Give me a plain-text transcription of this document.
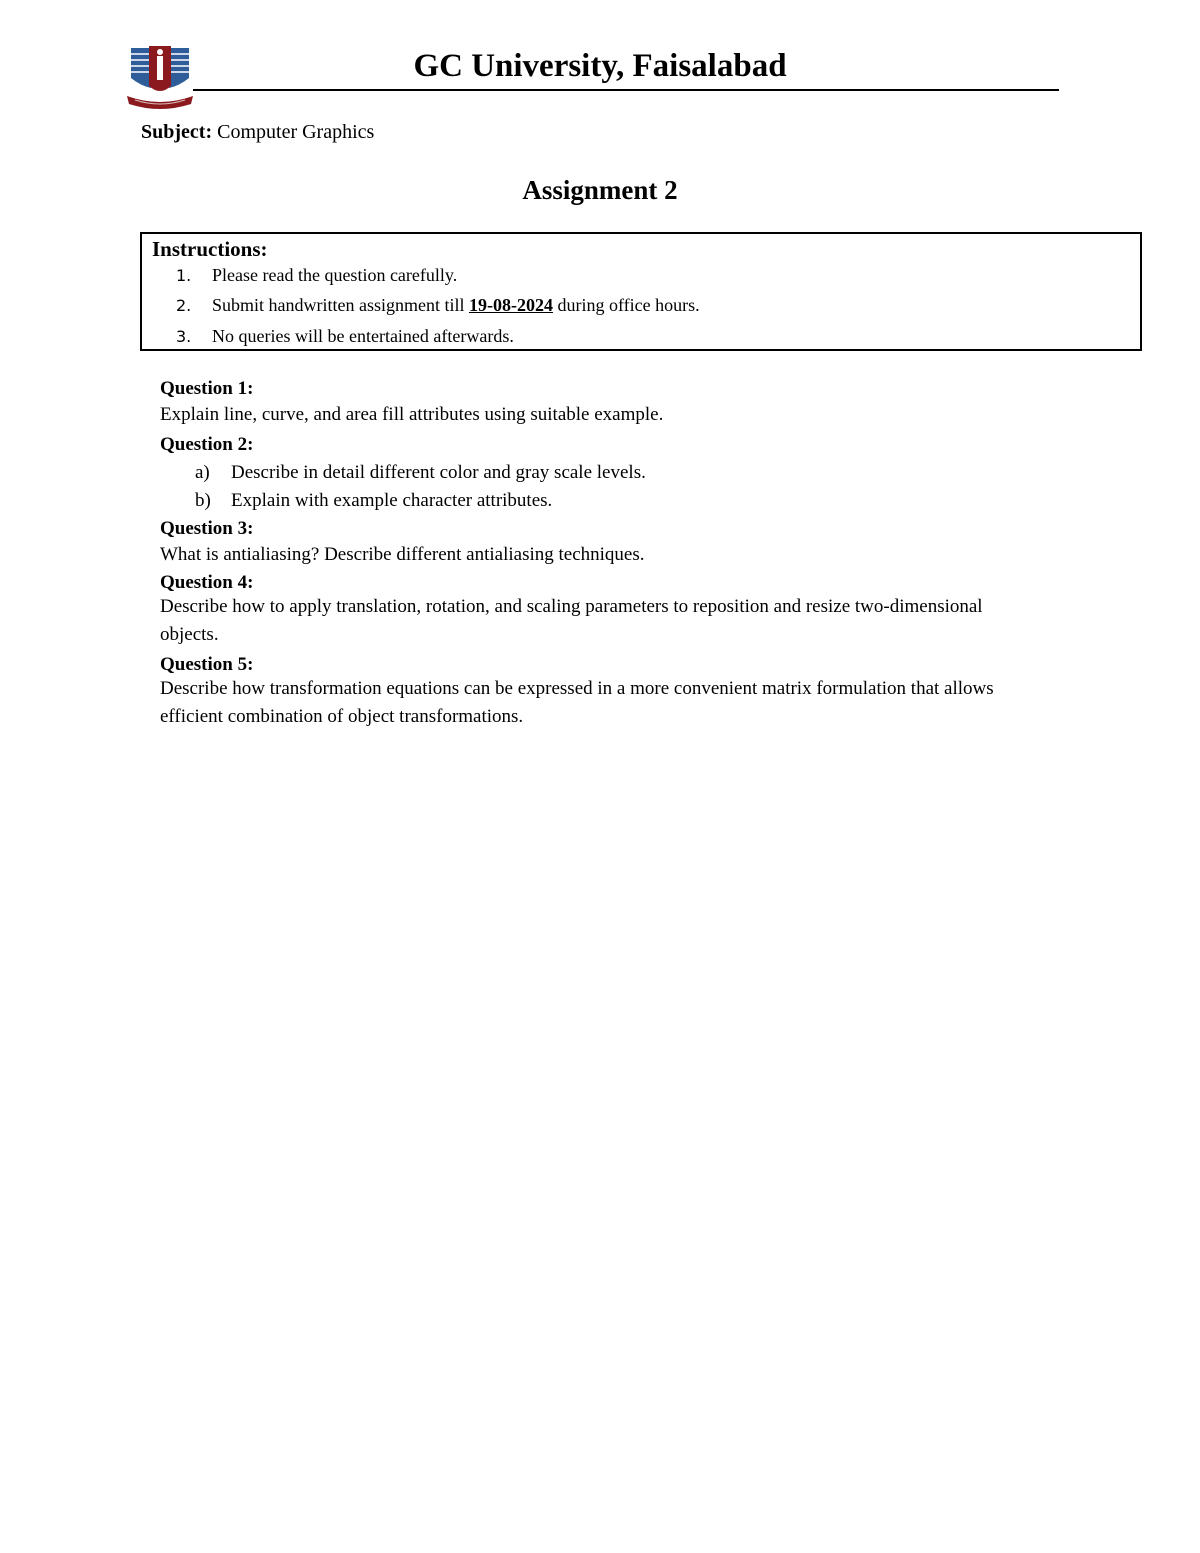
GC University, Faisalabad
Subject: Computer Graphics
Assignment 2
Instructions:
1. Please read the question carefully.
2. Submit handwritten assignment till 19-08-2024 during office hours.
3. No queries will be entertained afterwards.
Question 1:
Explain line, curve, and area fill attributes using suitable example.
Question 2:
a) Describe in detail different color and gray scale levels.
b) Explain with example character attributes.
Question 3:
What is antialiasing? Describe different antialiasing techniques.
Question 4:
Describe how to apply translation, rotation, and scaling parameters to reposition and resize two-dimensional objects.
Question 5:
Describe how transformation equations can be expressed in a more convenient matrix formulation that allows efficient combination of object transformations.
